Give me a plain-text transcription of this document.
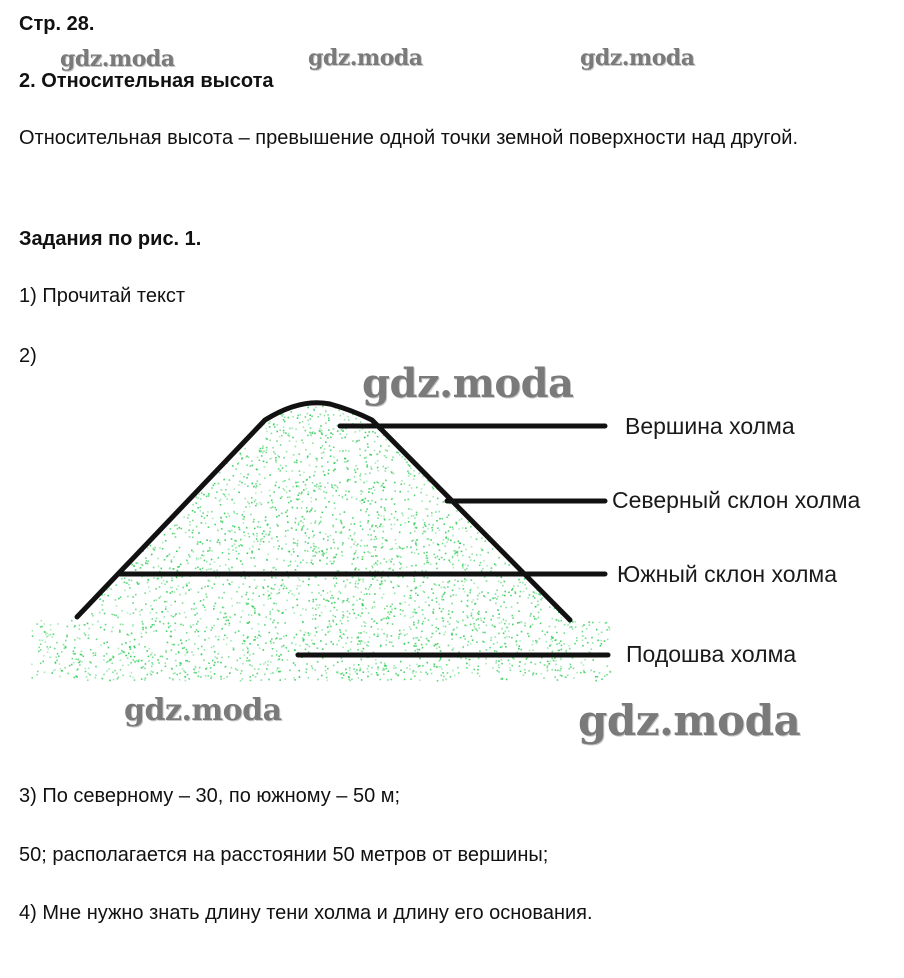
Стр. 28.
2. Относительная высота
Относительная высота – превышение одной точки земной поверхности над другой.
Задания по рис. 1.
1) Прочитай текст
2)
Вершина холма
Северный склон холма
Южный склон холма
Подошва холма
3) По северному – 30, по южному – 50 м;
50; располагается на расстоянии 50 метров от вершины;
4) Мне нужно знать длину тени холма и длину его основания.
gdz.moda	gdz.moda	gdz.moda
gdz.moda
gdz.moda	gdz.moda
